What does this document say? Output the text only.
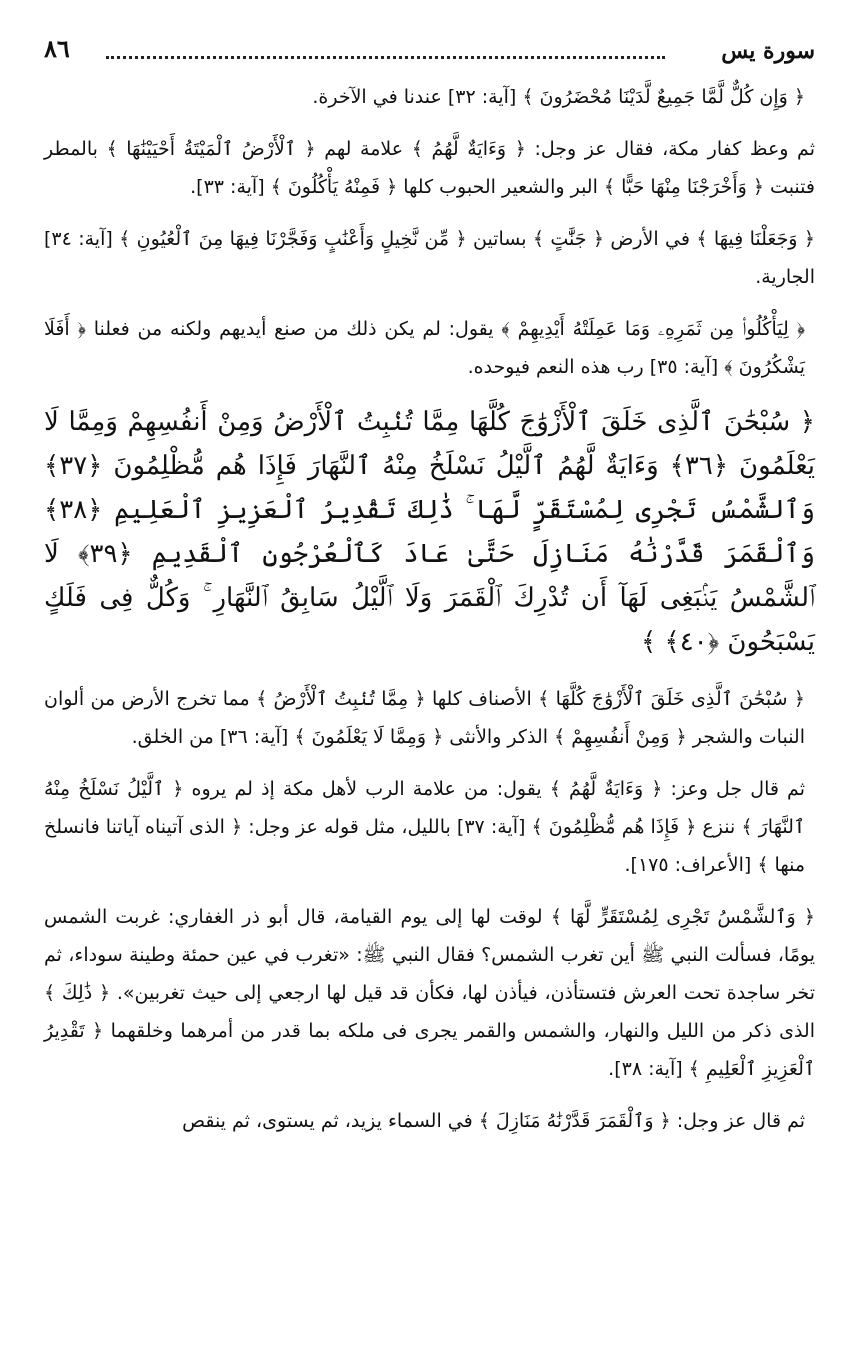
سورة يس
٨٦

﴿ وَإِن كُلٌّ لَّمَّا جَمِيعٌ لَّدَيْنَا مُحْضَرُونَ ﴾ [آية: ٣٢] عندنا في الآخرة.

ثم وعظ كفار مكة، فقال عز وجل: ﴿ وَءَايَةٌ لَّهُمُ ﴾ علامة لهم ﴿ ٱلْأَرْضُ ٱلْمَيْتَةُ أَحْيَيْنَٰهَا ﴾ بالمطر فتنبت ﴿ وَأَخْرَجْنَا مِنْهَا حَبًّا ﴾ البر والشعير الحبوب كلها ﴿ فَمِنْهُ يَأْكُلُونَ ﴾ [آية: ٣٣].

﴿ وَجَعَلْنَا فِيهَا ﴾ في الأرض ﴿ جَنَّٰتٍ ﴾ بساتين ﴿ مِّن نَّخِيلٍ وَأَعْنَٰبٍ وَفَجَّرْنَا فِيهَا مِنَ ٱلْعُيُونِ ﴾ [آية: ٣٤] الجارية.

﴿ لِيَأْكُلُوا۟ مِن ثَمَرِهِۦ وَمَا عَمِلَتْهُ أَيْدِيهِمْ ﴾ يقول: لم يكن ذلك من صنع أيديهم ولكنه من فعلنا ﴿ أَفَلَا يَشْكُرُونَ ﴾ [آية: ٣٥] رب هذه النعم فيوحده.

﴿ سُبْحَٰنَ ٱلَّذِى خَلَقَ ٱلْأَزْوَٰجَ كُلَّهَا مِمَّا تُنۢبِتُ ٱلْأَرْضُ وَمِنْ أَنفُسِهِمْ وَمِمَّا لَا يَعْلَمُونَ ﴿٣٦﴾ وَءَايَةٌ لَّهُمُ ٱلَّيْلُ نَسْلَخُ مِنْهُ ٱلنَّهَارَ فَإِذَا هُم مُّظْلِمُونَ ﴿٣٧﴾ وَٱلشَّمْسُ تَجْرِى لِمُسْتَقَرٍّ لَّهَا ۚ ذَٰلِكَ تَقْدِيرُ ٱلْعَزِيزِ ٱلْعَلِيمِ ﴿٣٨﴾ وَٱلْقَمَرَ قَدَّرْنَٰهُ مَنَازِلَ حَتَّىٰ عَادَ كَٱلْعُرْجُونِ ٱلْقَدِيمِ ﴿٣٩﴾ لَا ٱلشَّمْسُ يَنۢبَغِى لَهَآ أَن تُدْرِكَ ٱلْقَمَرَ وَلَا ٱلَّيْلُ سَابِقُ ٱلنَّهَارِ ۚ وَكُلٌّ فِى فَلَكٍ يَسْبَحُونَ ﴿٤٠﴾ ﴾

﴿ سُبْحَٰنَ ٱلَّذِى خَلَقَ ٱلْأَزْوَٰجَ كُلَّهَا ﴾ الأصناف كلها ﴿ مِمَّا تُنۢبِتُ ٱلْأَرْضُ ﴾ مما تخرج الأرض من ألوان النبات والشجر ﴿ وَمِنْ أَنفُسِهِمْ ﴾ الذكر والأنثى ﴿ وَمِمَّا لَا يَعْلَمُونَ ﴾ [آية: ٣٦] من الخلق.

ثم قال جل وعز: ﴿ وَءَايَةٌ لَّهُمُ ﴾ يقول: من علامة الرب لأهل مكة إذ لم يروه ﴿ ٱلَّيْلُ نَسْلَخُ مِنْهُ ٱلنَّهَارَ ﴾ ننزع ﴿ فَإِذَا هُم مُّظْلِمُونَ ﴾ [آية: ٣٧] بالليل، مثل قوله عز وجل: ﴿ الذى آتيناه آياتنا فانسلخ منها ﴾ [الأعراف: ١٧٥].

﴿ وَٱلشَّمْسُ تَجْرِى لِمُسْتَقَرٍّ لَّهَا ﴾ لوقت لها إلى يوم القيامة، قال أبو ذر الغفاري: غربت الشمس يومًا، فسألت النبي ﷺ أين تغرب الشمس؟ فقال النبي ﷺ: «تغرب في عين حمئة وطينة سوداء، ثم تخر ساجدة تحت العرش فتستأذن، فيأذن لها، فكأن قد قيل لها ارجعي إلى حيث تغربين». ﴿ ذَٰلِكَ ﴾ الذى ذكر من الليل والنهار، والشمس والقمر يجرى فى ملكه بما قدر من أمرهما وخلقهما ﴿ تَقْدِيرُ ٱلْعَزِيزِ ٱلْعَلِيمِ ﴾ [آية: ٣٨].

ثم قال عز وجل: ﴿ وَٱلْقَمَرَ قَدَّرْنَٰهُ مَنَازِلَ ﴾ في السماء يزيد، ثم يستوى، ثم ينقص
